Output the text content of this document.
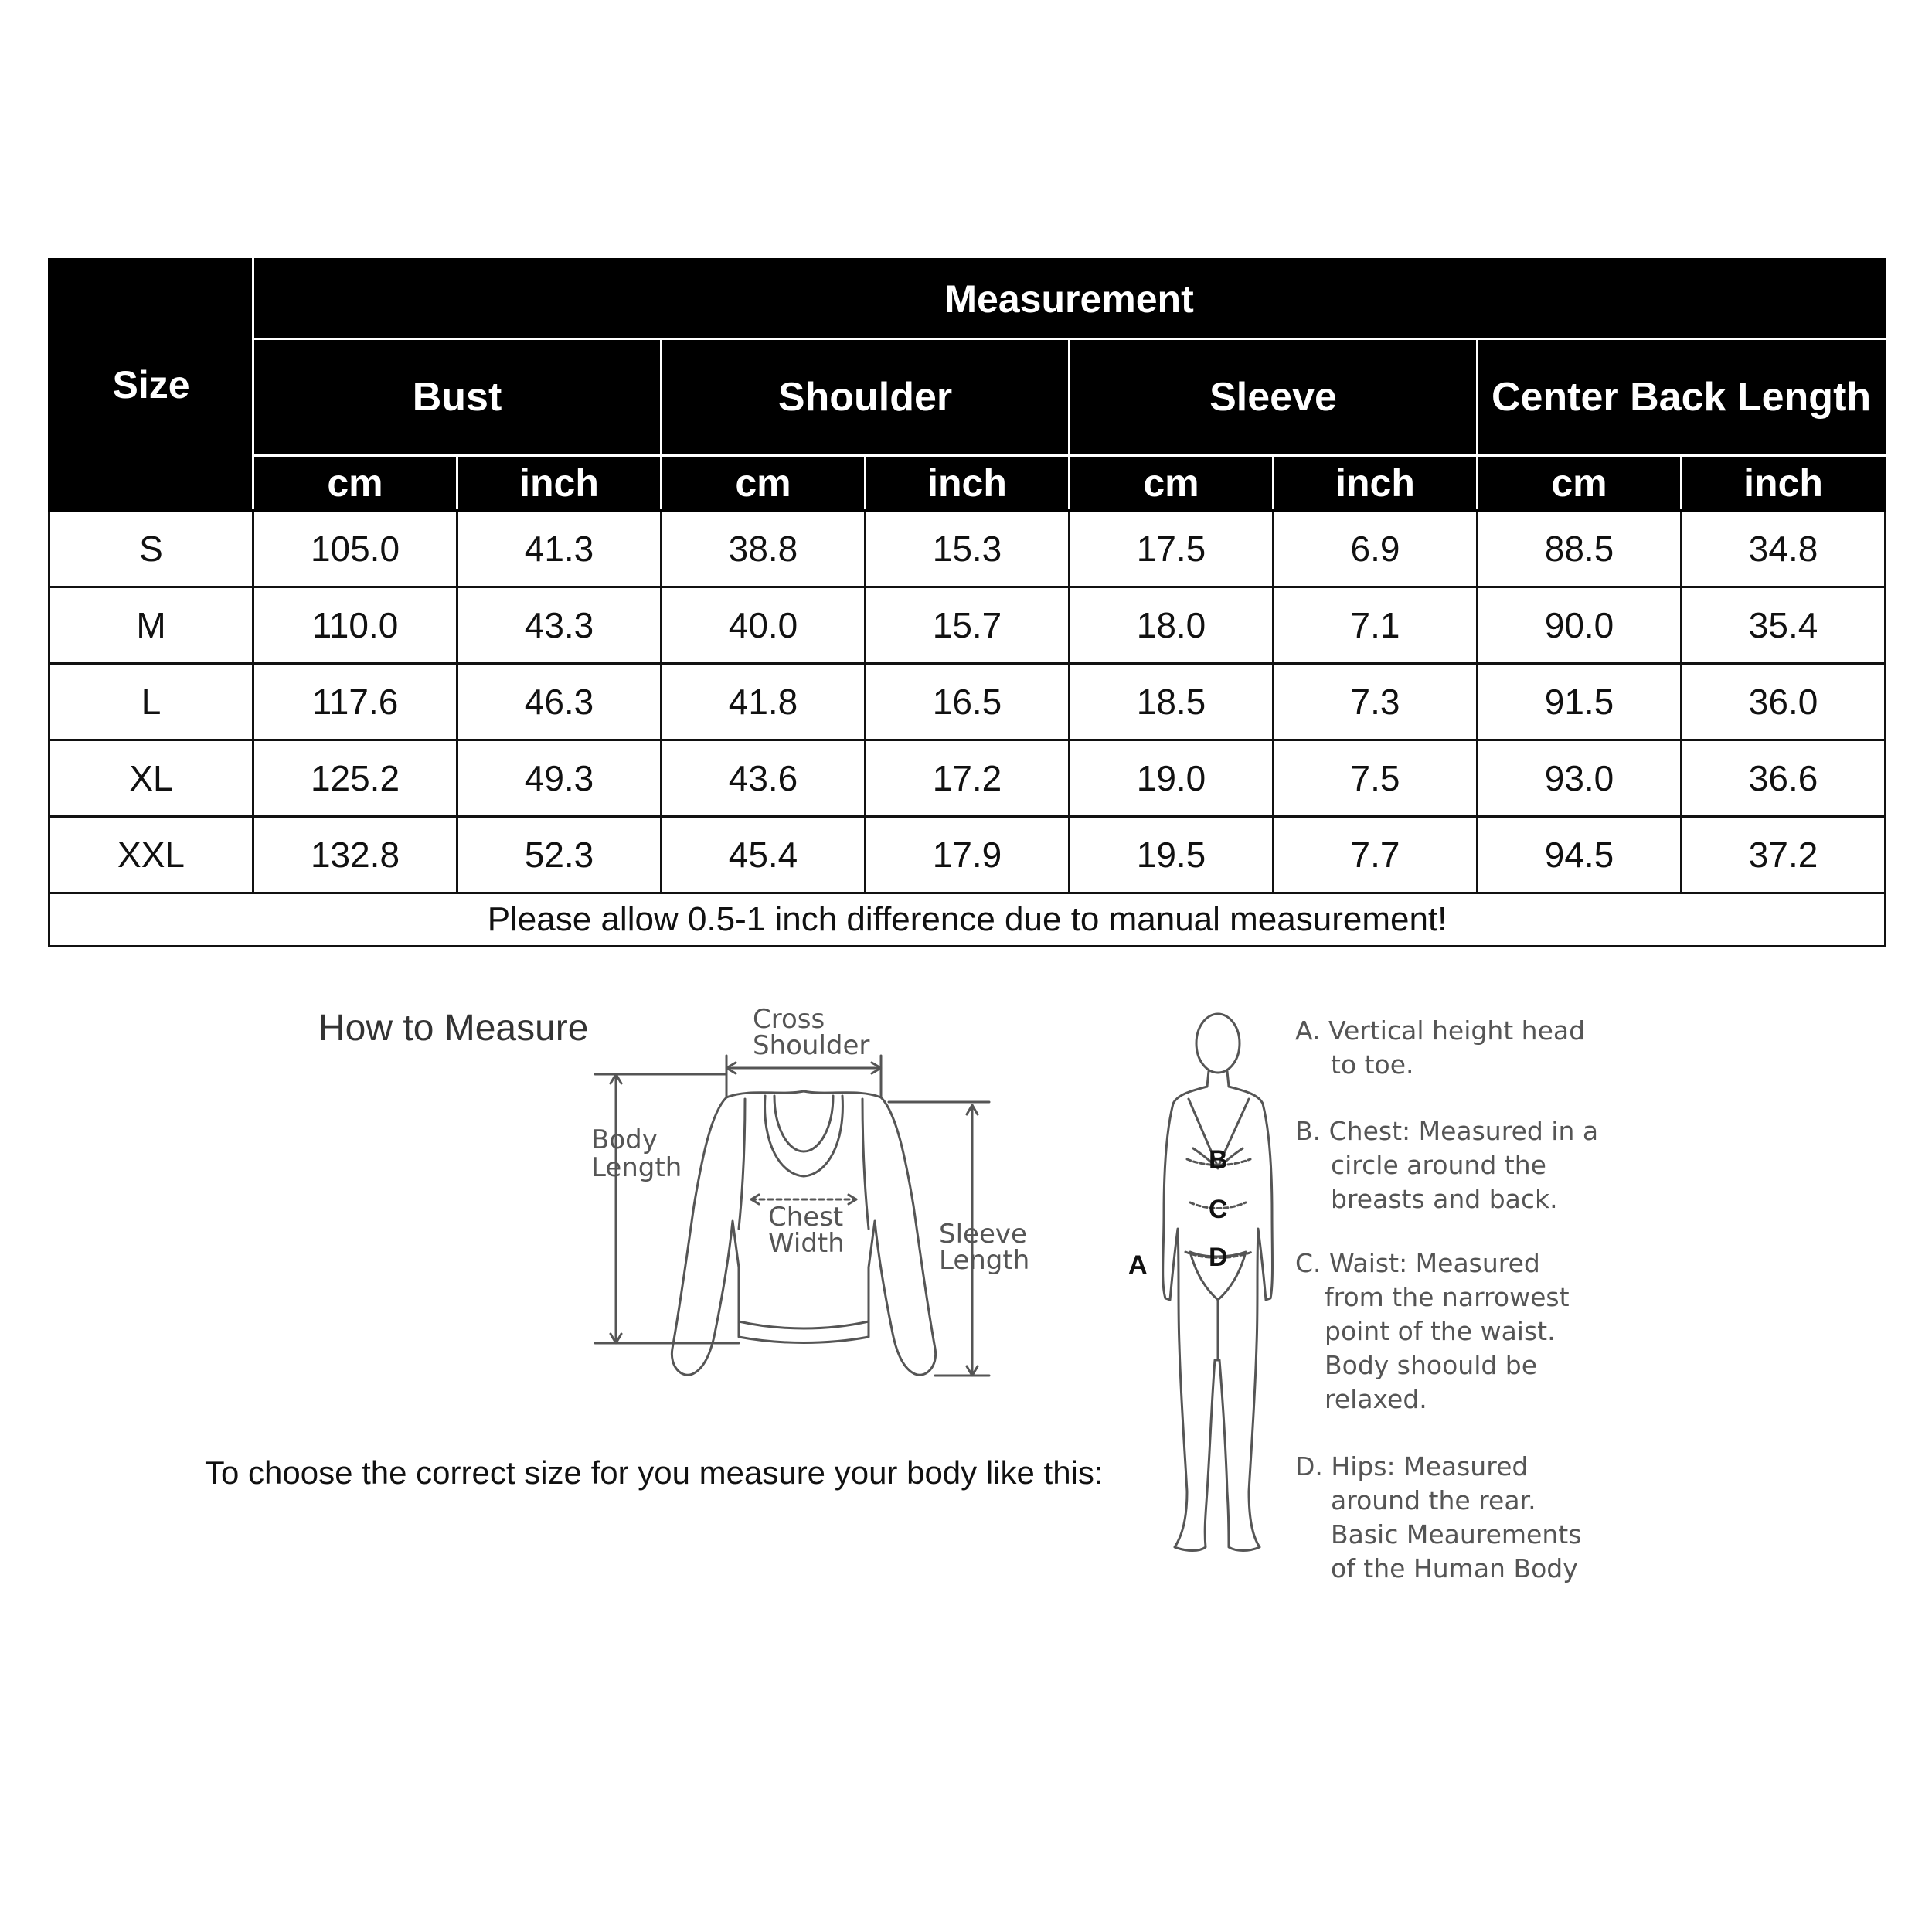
Size	Measurement							
	Bust		Shoulder		Sleeve		Center Back Length	
	cm	inch	cm	inch	cm	inch	cm	inch
S	105.0	41.3	38.8	15.3	17.5	6.9	88.5	34.8
M	110.0	43.3	40.0	15.7	18.0	7.1	90.0	35.4
L	117.6	46.3	41.8	16.5	18.5	7.3	91.5	36.0
XL	125.2	49.3	43.6	17.2	19.0	7.5	93.0	36.6
XXL	132.8	52.3	45.4	17.9	19.5	7.7	94.5	37.2
Please allow 0.5-1 inch difference due to manual measurement!								
How to Measure	Cross
Shoulder
Body
Length
Chest
Width	Sleeve
Length
To choose the correct size for you measure your body like this:
B
C
D
A
A. Vertical height head
to toe.
B. Chest: Measured in a
circle around the
breasts and back.
C. Waist: Measured
from the narrowest
point of the waist.
Body shoould be
relaxed.
D. Hips: Measured
around the rear.
Basic Meaurements
of the Human Body
